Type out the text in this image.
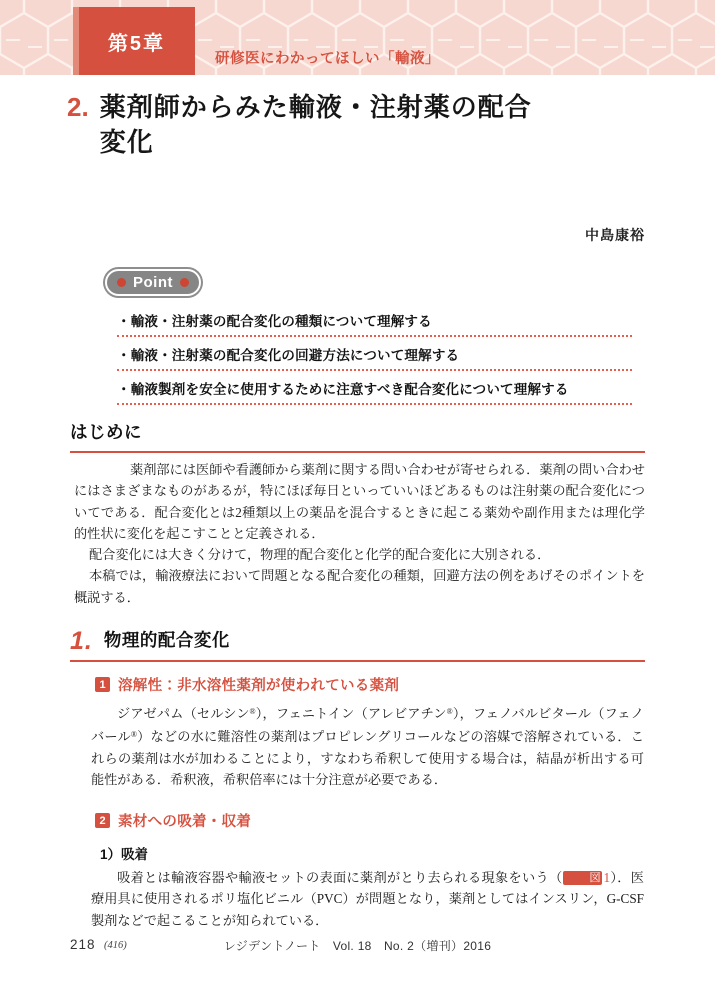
第5章
研修医にわかってほしい「輸液」
2. 薬剤師からみた輸液・注射薬の配合
変化
中島康裕
Point
・輸液・注射薬の配合変化の種類について理解する
・輸液・注射薬の配合変化の回避方法について理解する
・輸液製剤を安全に使用するために注意すべき配合変化について理解する
はじめに

薬剤部には医師や看護師から薬剤に関する問い合わせが寄せられる．薬剤の問い合わせにはさまざまなものがあるが，特にほぼ毎日といっていいほどあるものは注射薬の配合変化についてである．配合変化とは2種類以上の薬品を混合するときに起こる薬効や副作用または理化学的性状に変化を起こすことと定義される．

配合変化には大きく分けて，物理的配合変化と化学的配合変化に大別される．

本稿では，輸液療法において問題となる配合変化の種類，回避方法の例をあげそのポイントを概説する．

1. 物理的配合変化
1 溶解性：非水溶性薬剤が使われている薬剤

ジアゼパム（セルシン®），フェニトイン（アレビアチン®），フェノバルビタール（フェノバール®）などの水に難溶性の薬剤はプロピレングリコールなどの溶媒で溶解されている．これらの薬剤は水が加わることにより，すなわち希釈して使用する場合は，結晶が析出する可能性がある．希釈液，希釈倍率には十分注意が必要である．

2 素材への吸着・収着
1）吸着

吸着とは輸液容器や輸液セットの表面に薬剤がとり去られる現象をいう（ 図 1）．医療用具に使用されるポリ塩化ビニル（PVC）が問題となり，薬剤としてはインスリン，G-CSF製剤などで起こることが知られている．

レジデントノート　Vol. 18　No. 2（増刊）2016
218 (416)
